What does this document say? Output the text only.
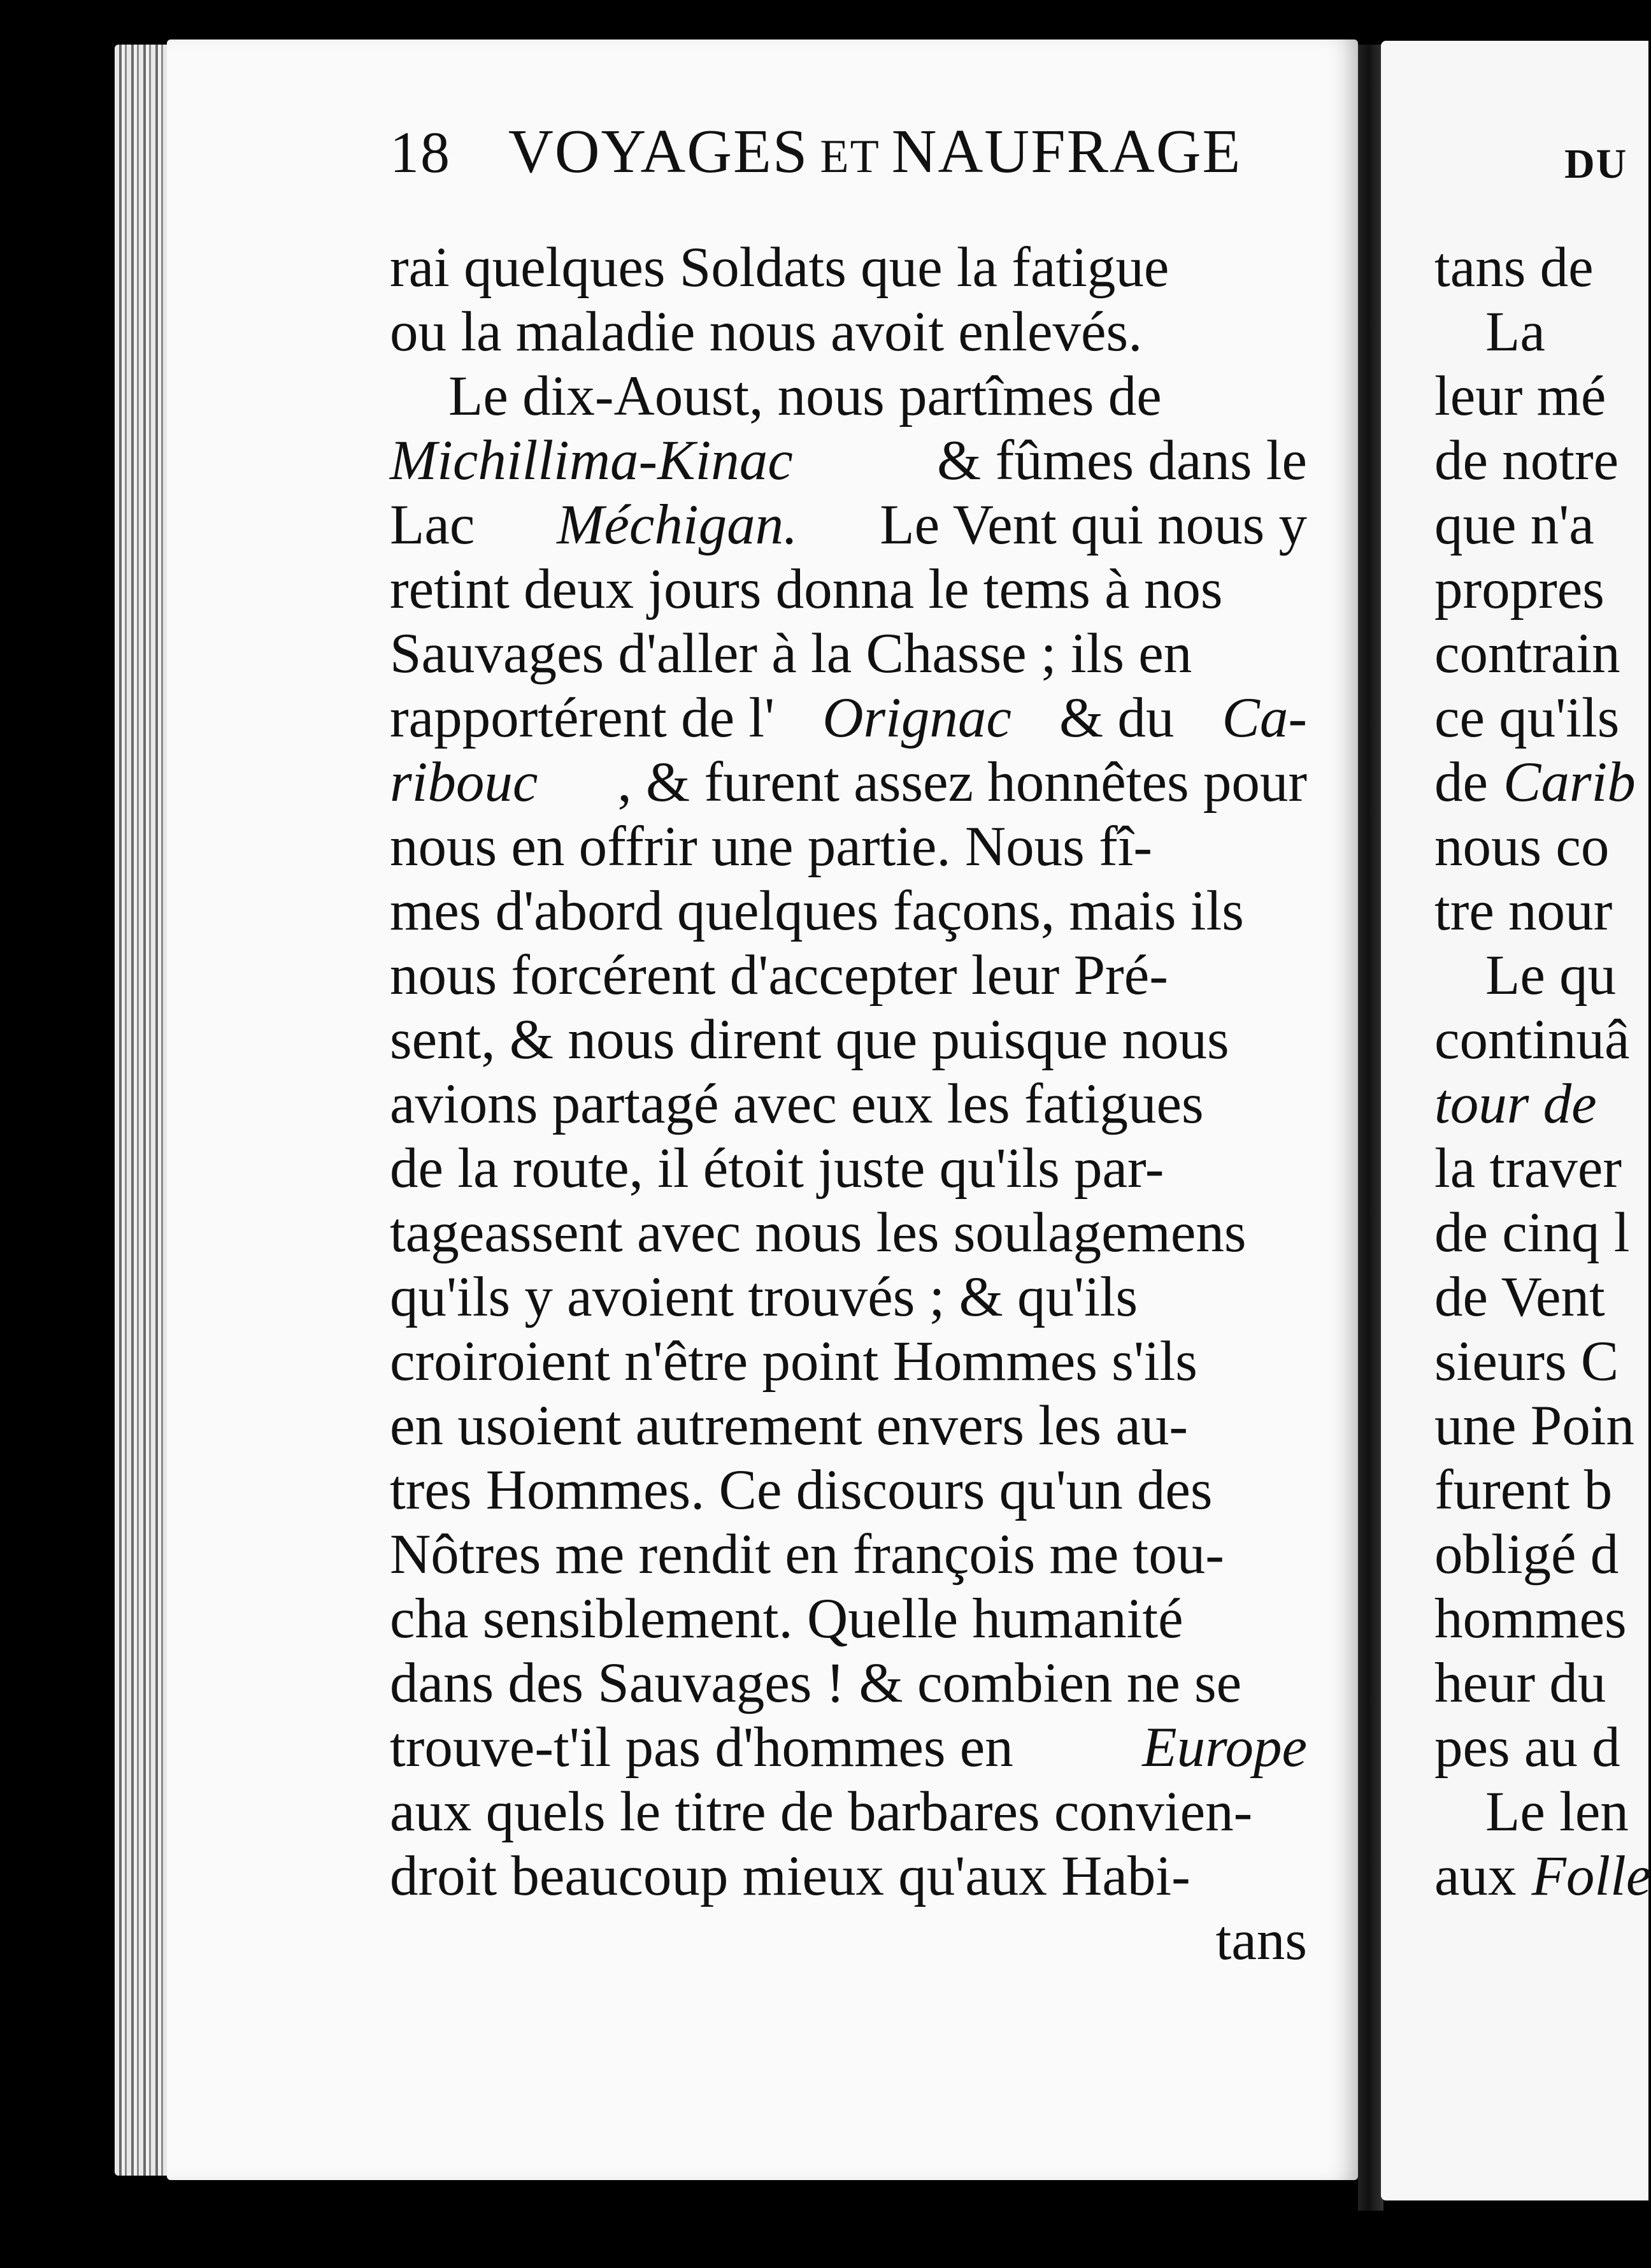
18 VOYAGES ET NAUFRAGE
rai quelques Soldats que la fatigue
ou la maladie nous avoit enlevés.
Le dix-Aoust, nous partîmes de
Michillima-Kinac	& fûmes dans le
Lac Méchigan. Le Vent qui nous y
retint deux jours donna le tems à nos
Sauvages d'aller à la Chasse ; ils en
rapportérent de l' Orignac & du Ca-
ribouc , & furent assez honnêtes pour
nous en offrir une partie. Nous fî-
mes d'abord quelques façons, mais ils
nous forcérent d'accepter leur Pré-
sent, & nous dirent que puisque nous
avions partagé avec eux les fatigues
de la route, il étoit juste qu'ils par-
tageassent avec nous les soulagemens
qu'ils y avoient trouvés ; & qu'ils
croiroient n'être point Hommes s'ils
en usoient autrement envers les au-
tres Hommes. Ce discours qu'un des
Nôtres me rendit en françois me tou-
cha sensiblement. Quelle humanité
dans des Sauvages ! & combien ne se
trouve-t'il pas d'hommes en Europe
aux quels le titre de barbares convien-
droit beaucoup mieux qu'aux Habi-
tans
DU
tans de
La
leur mé
de notre
que n'a
propres
contrain
ce qu'ils
de Carib
nous co
tre nour
Le qu
continuâ
tour de
la traver
de cinq l
de Vent
sieurs C
une Poin
furent b
obligé d
hommes
heur du
pes au d
Le len
aux Folle
